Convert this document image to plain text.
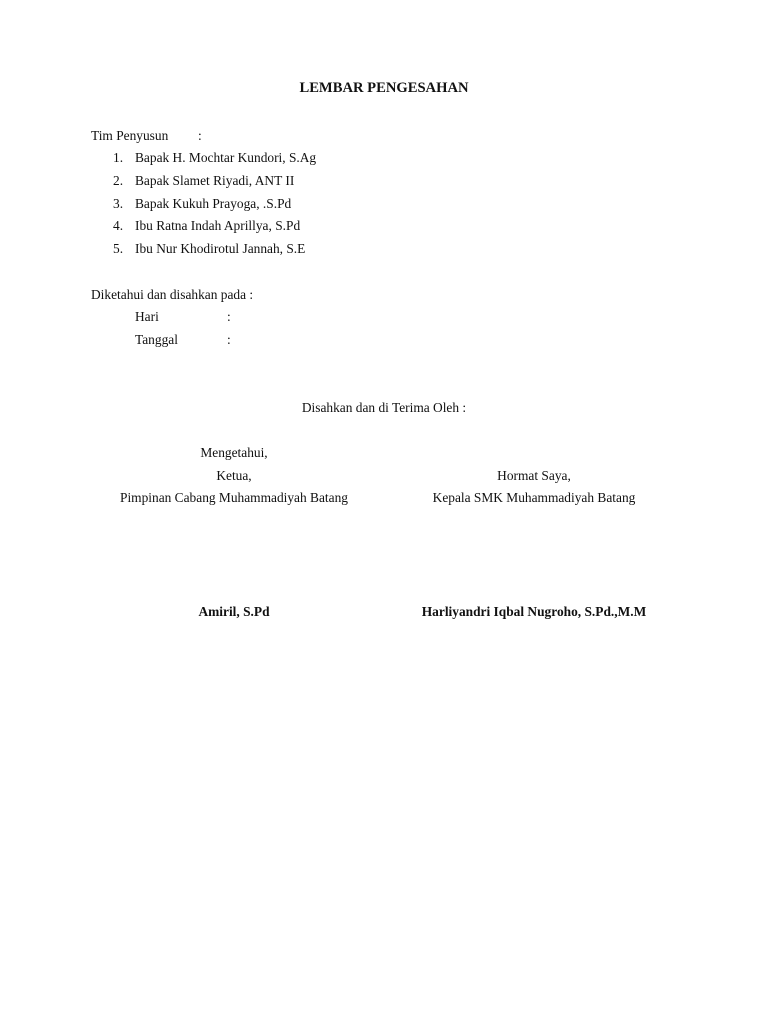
LEMBAR PENGESAHAN
Tim Penyusun :
1. Bapak H. Mochtar Kundori, S.Ag
2. Bapak Slamet Riyadi, ANT II
3. Bapak Kukuh Prayoga, .S.Pd
4. Ibu Ratna Indah Aprillya, S.Pd
5. Ibu Nur Khodirotul Jannah, S.E
Diketahui dan disahkan pada :
Hari	:
Tanggal	:
Disahkan dan di Terima Oleh :
Mengetahui,
Ketua,
Pimpinan Cabang Muhammadiyah Batang
Amiril, S.Pd
Hormat Saya,
Kepala SMK Muhammadiyah Batang
Harliyandri Iqbal Nugroho, S.Pd.,M.M
